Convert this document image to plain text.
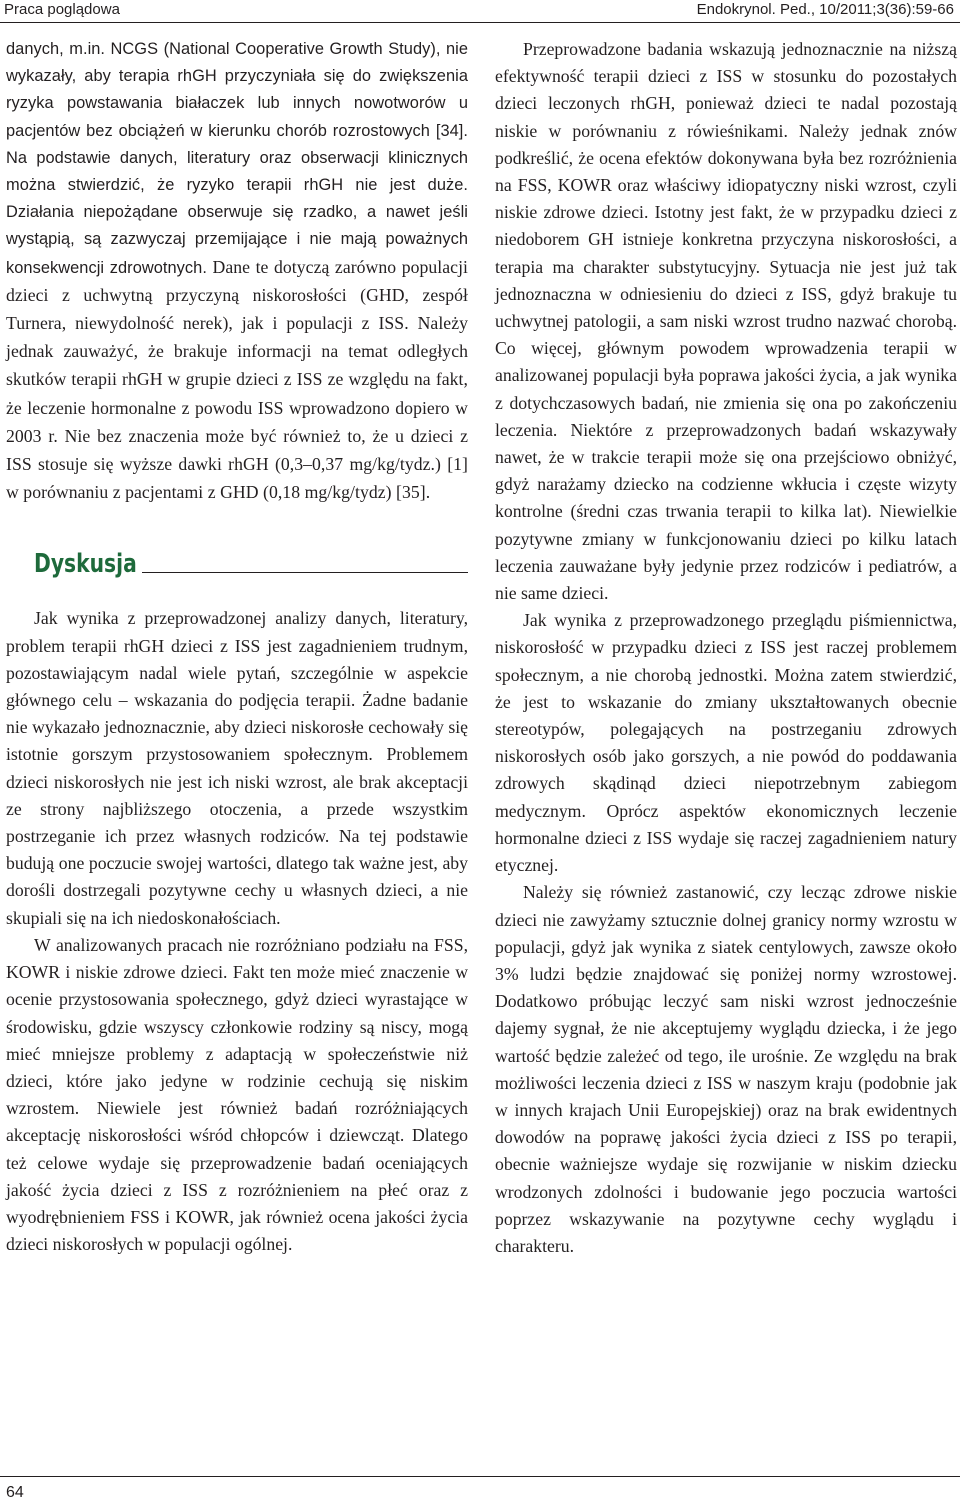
Praca poglądowa	Endokrynol. Ped., 10/2011;3(36):59-66

danych, m.in. NCGS (National Cooperative Growth Study), nie wykazały, aby terapia rhGH przyczyniała się do zwiększenia ryzyka powstawania białaczek lub innych nowotworów u pacjentów bez obciążeń w kierunku chorób rozrostowych [34]. Na podstawie danych, literatury oraz obserwacji klinicznych można stwierdzić, że ryzyko terapii rhGH nie jest duże. Działania niepożądane obserwuje się rzadko, a nawet jeśli wystąpią, są zazwyczaj przemijające i nie mają poważnych konsekwencji zdrowotnych. Dane te dotyczą zarówno populacji dzieci z uchwytną przyczyną niskorosłości (GHD, zespół Turnera, niewydolność nerek), jak i populacji z ISS. Należy jednak zauważyć, że brakuje informacji na temat odległych skutków terapii rhGH w grupie dzieci z ISS ze względu na fakt, że leczenie hormonalne z powodu ISS wprowadzono dopiero w 2003 r. Nie bez znaczenia może być również to, że u dzieci z ISS stosuje się wyższe dawki rhGH (0,3–0,37 mg/kg/tydz.) [1] w porównaniu z pacjentami z GHD (0,18 mg/kg/tydz) [35].

Dyskusja

Jak wynika z przeprowadzonej analizy danych, literatury, problem terapii rhGH dzieci z ISS jest zagadnieniem trudnym, pozostawiającym nadal wiele pytań, szczególnie w aspekcie głównego celu – wskazania do podjęcia terapii. Żadne badanie nie wykazało jednoznacznie, aby dzieci niskorosłe cechowały się istotnie gorszym przystosowaniem społecznym. Problemem dzieci niskorosłych nie jest ich niski wzrost, ale brak akceptacji ze strony najbliższego otoczenia, a przede wszystkim postrzeganie ich przez własnych rodziców. Na tej podstawie budują one poczucie swojej wartości, dlatego tak ważne jest, aby dorośli dostrzegali pozytywne cechy u własnych dzieci, a nie skupiali się na ich niedoskonałościach.

W analizowanych pracach nie rozróżniano podziału na FSS, KOWR i niskie zdrowe dzieci. Fakt ten może mieć znaczenie w ocenie przystosowania społecznego, gdyż dzieci wyrastające w środowisku, gdzie wszyscy członkowie rodziny są niscy, mogą mieć mniejsze problemy z adaptacją w społeczeństwie niż dzieci, które jako jedyne w rodzinie cechują się niskim wzrostem. Niewiele jest również badań rozróżniających akceptację niskorosłości wśród chłopców i dziewcząt. Dlatego też celowe wydaje się przeprowadzenie badań oceniających jakość życia dzieci z ISS z rozróżnieniem na płeć oraz z wyodrębnieniem FSS i KOWR, jak również ocena jakości życia dzieci niskorosłych w populacji ogólnej.

Przeprowadzone badania wskazują jednoznacznie na niższą efektywność terapii dzieci z ISS w stosunku do pozostałych dzieci leczonych rhGH, ponieważ dzieci te nadal pozostają niskie w porównaniu z rówieśnikami. Należy jednak znów podkreślić, że ocena efektów dokonywana była bez rozróżnienia na FSS, KOWR oraz właściwy idiopatyczny niski wzrost, czyli niskie zdrowe dzieci. Istotny jest fakt, że w przypadku dzieci z niedoborem GH istnieje konkretna przyczyna niskorosłości, a terapia ma charakter substytucyjny. Sytuacja nie jest już tak jednoznaczna w odniesieniu do dzieci z ISS, gdyż brakuje tu uchwytnej patologii, a sam niski wzrost trudno nazwać chorobą. Co więcej, głównym powodem wprowadzenia terapii w analizowanej populacji była poprawa jakości życia, a jak wynika z dotychczasowych badań, nie zmienia się ona po zakończeniu leczenia. Niektóre z przeprowadzonych badań wskazywały nawet, że w trakcie terapii może się ona przejściowo obniżyć, gdyż narażamy dziecko na codzienne wkłucia i częste wizyty kontrolne (średni czas trwania terapii to kilka lat). Niewielkie pozytywne zmiany w funkcjonowaniu dzieci po kilku latach leczenia zauważane były jedynie przez rodziców i pediatrów, a nie same dzieci.

Jak wynika z przeprowadzonego przeglądu piśmiennictwa, niskorosłość w przypadku dzieci z ISS jest raczej problemem społecznym, a nie chorobą jednostki. Można zatem stwierdzić, że jest to wskazanie do zmiany ukształtowanych obecnie stereotypów, polegających na postrzeganiu zdrowych niskorosłych osób jako gorszych, a nie powód do poddawania zdrowych skądinąd dzieci niepotrzebnym zabiegom medycznym. Oprócz aspektów ekonomicznych leczenie hormonalne dzieci z ISS wydaje się raczej zagadnieniem natury etycznej.

Należy się również zastanowić, czy lecząc zdrowe niskie dzieci nie zawyżamy sztucznie dolnej granicy normy wzrostu w populacji, gdyż jak wynika z siatek centylowych, zawsze około 3% ludzi będzie znajdować się poniżej normy wzrostowej. Dodatkowo próbując leczyć sam niski wzrost jednocześnie dajemy sygnał, że nie akceptujemy wyglądu dziecka, i że jego wartość będzie zależeć od tego, ile urośnie. Ze względu na brak możliwości leczenia dzieci z ISS w naszym kraju (podobnie jak w innych krajach Unii Europejskiej) oraz na brak ewidentnych dowodów na poprawę jakości życia dzieci z ISS po terapii, obecnie ważniejsze wydaje się rozwijanie w niskim dziecku wrodzonych zdolności i budowanie jego poczucia wartości poprzez wskazywanie na pozytywne cechy wyglądu i charakteru.

64
